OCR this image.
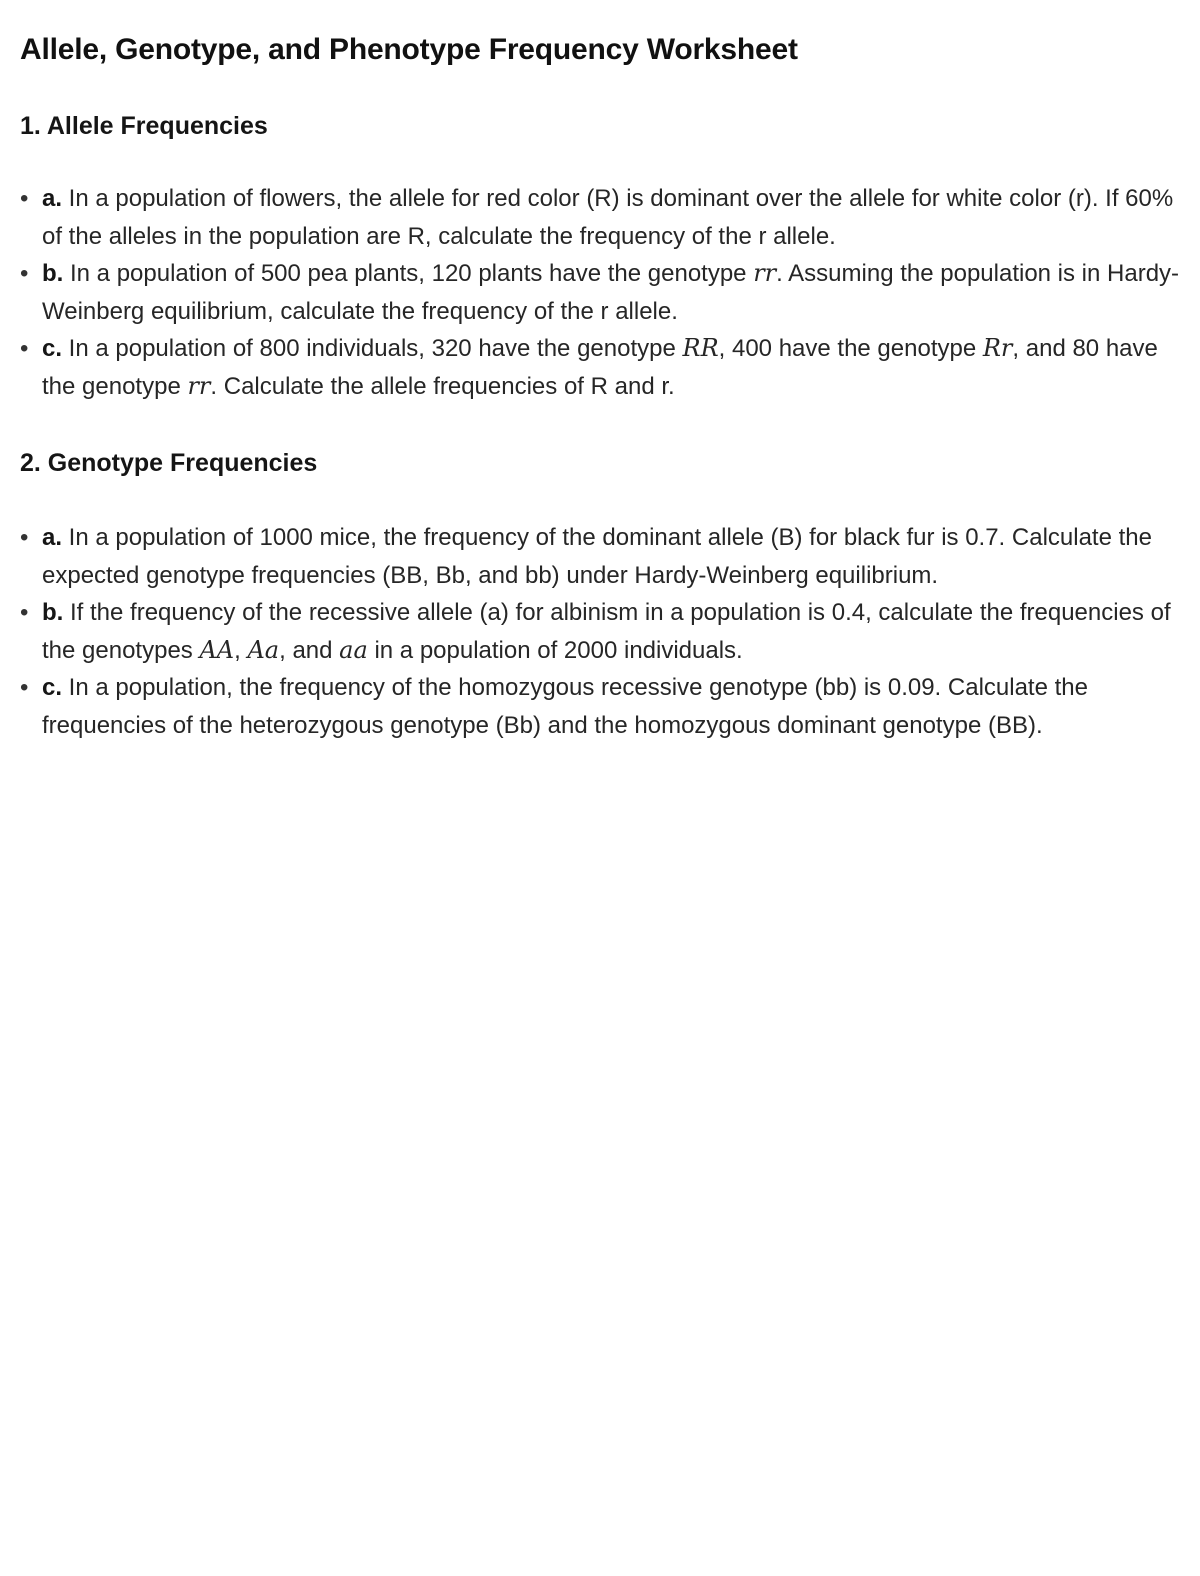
Allele, Genotype, and Phenotype Frequency Worksheet
1. Allele Frequencies
• a. In a population of flowers, the allele for red color (R) is dominant over the allele for white color (r). If 60% of the alleles in the population are R, calculate the frequency of the r allele.
• b. In a population of 500 pea plants, 120 plants have the genotype rr. Assuming the population is in Hardy-Weinberg equilibrium, calculate the frequency of the r allele.
• c. In a population of 800 individuals, 320 have the genotype RR, 400 have the genotype Rr, and 80 have the genotype rr. Calculate the allele frequencies of R and r.
2. Genotype Frequencies
• a. In a population of 1000 mice, the frequency of the dominant allele (B) for black fur is 0.7. Calculate the expected genotype frequencies (BB, Bb, and bb) under Hardy-Weinberg equilibrium.
• b. If the frequency of the recessive allele (a) for albinism in a population is 0.4, calculate the frequencies of the genotypes AA, Aa, and aa in a population of 2000 individuals.
• c. In a population, the frequency of the homozygous recessive genotype (bb) is 0.09. Calculate the frequencies of the heterozygous genotype (Bb) and the homozygous dominant genotype (BB).
